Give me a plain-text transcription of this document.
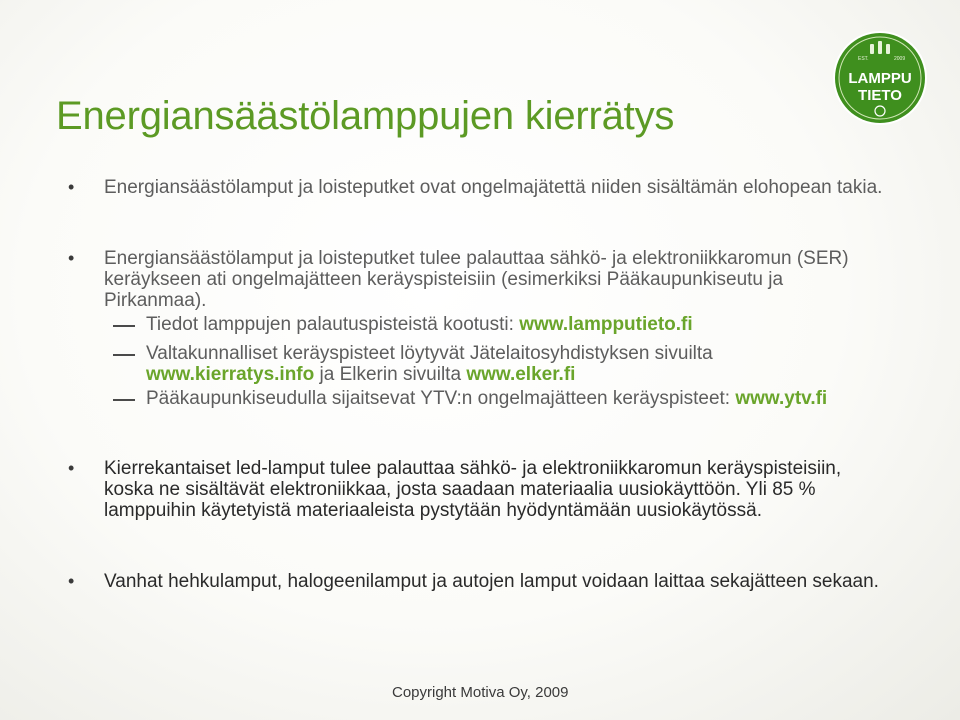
EST.	2009
LAMPPU
TIETO
Energiansäästölamppujen kierrätys
• Energiansäästölamput ja loisteputket ovat ongelmajätettä niiden sisältämän elohopean takia.
• Energiansäästölamput ja loisteputket tulee palauttaa sähkö- ja elektroniikkaromun (SER) keräykseen ati ongelmajätteen keräyspisteisiin (esimerkiksi Pääkaupunkiseutu ja Pirkanmaa).
Tiedot lamppujen palautuspisteistä kootusti: www.lampputieto.fi
Valtakunnalliset keräyspisteet löytyvät Jätelaitosyhdistyksen sivuilta www.kierratys.info ja Elkerin sivuilta www.elker.fi
Pääkaupunkiseudulla sijaitsevat YTV:n ongelmajätteen keräyspisteet: www.ytv.fi
• Kierrekantaiset led-lamput tulee palauttaa sähkö- ja elektroniikkaromun keräyspisteisiin, koska ne sisältävät elektroniikkaa, josta saadaan materiaalia uusiokäyttöön. Yli 85 % lamppuihin käytetyistä materiaaleista pystytään hyödyntämään uusiokäytössä.
• Vanhat hehkulamput, halogeenilamput ja autojen lamput voidaan laittaa sekajätteen sekaan.
Copyright Motiva Oy, 2009
